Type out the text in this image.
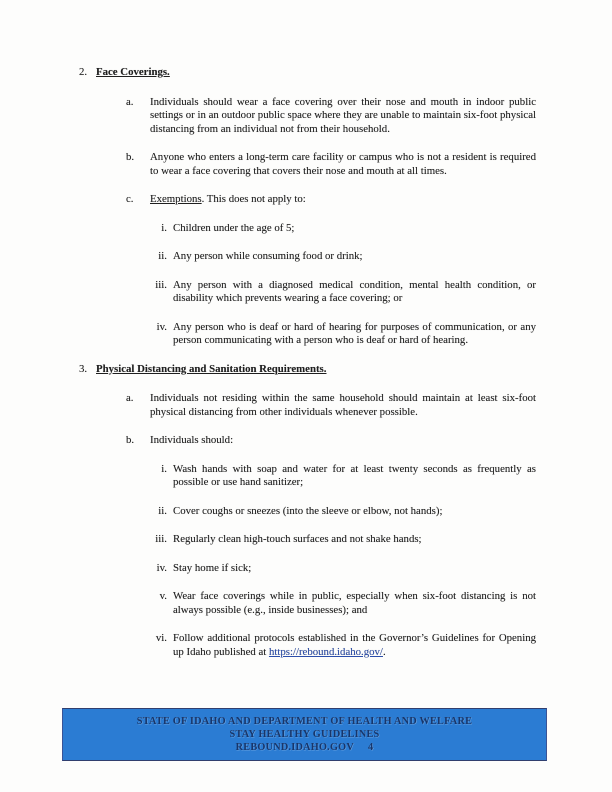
2. Face Coverings.
a.	Individuals should wear a face covering over their nose and mouth in indoor public settings or in an outdoor public space where they are unable to maintain six-foot physical distancing from an individual not from their household.
b.	Anyone who enters a long-term care facility or campus who is not a resident is required to wear a face covering that covers their nose and mouth at all times.
c.	Exemptions. This does not apply to:
i. Children under the age of 5;
ii. Any person while consuming food or drink;
iii. Any person with a diagnosed medical condition, mental health condition, or disability which prevents wearing a face covering; or
iv. Any person who is deaf or hard of hearing for purposes of communication, or any person communicating with a person who is deaf or hard of hearing.
3. Physical Distancing and Sanitation Requirements.
a.	Individuals not residing within the same household should maintain at least six-foot physical distancing from other individuals whenever possible.
b.	Individuals should:
i. Wash hands with soap and water for at least twenty seconds as frequently as possible or use hand sanitizer;
ii. Cover coughs or sneezes (into the sleeve or elbow, not hands);
iii. Regularly clean high-touch surfaces and not shake hands;
iv. Stay home if sick;
v. Wear face coverings while in public, especially when six-foot distancing is not always possible (e.g., inside businesses); and
vi. Follow additional protocols established in the Governor’s Guidelines for Opening up Idaho published at https://rebound.idaho.gov/.
STATE OF IDAHO AND DEPARTMENT OF HEALTH AND WELFARE
STAY HEALTHY GUIDELINES
REBOUND.IDAHO.GOV 4
